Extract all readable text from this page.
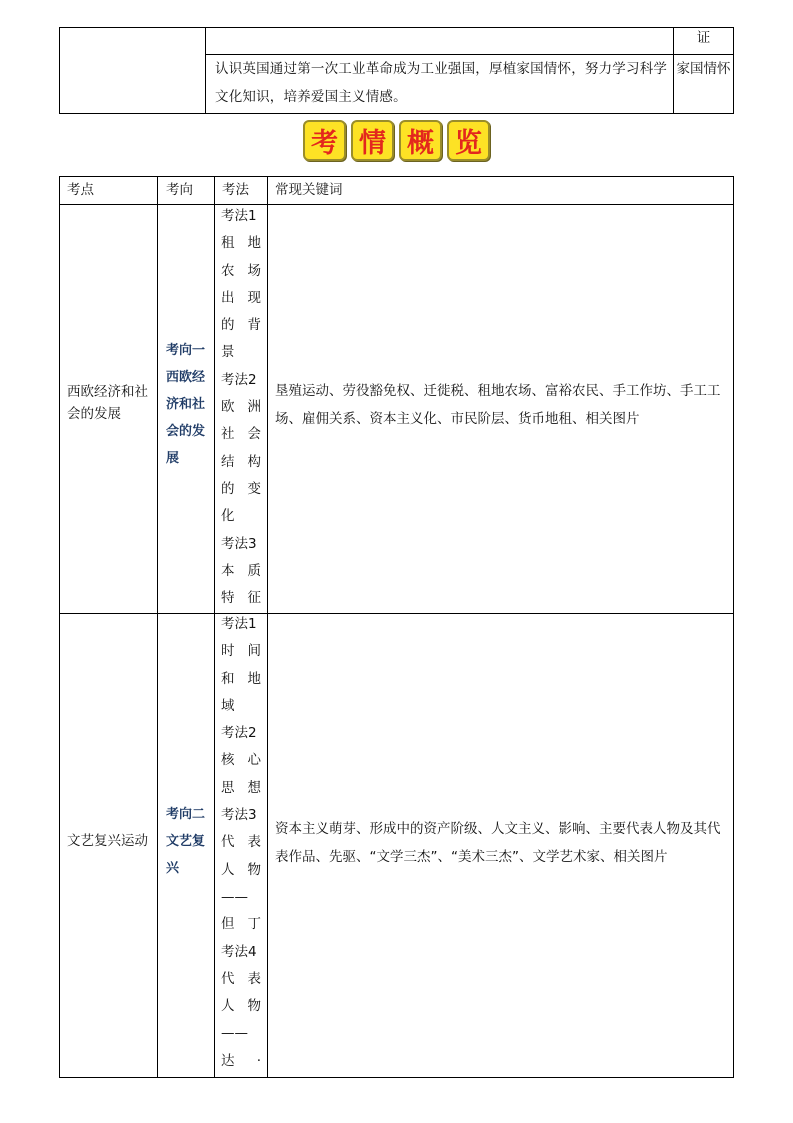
证
认识英国通过第一次工业革命成为工业强国，厚植家国情怀，努力学习科学文化知识，培养爱国主义情感。
家国情怀
考 情 概 览
考点	考向 考法 常现关键词
西欧经济和社会的发展
考向一西欧经济和社会的发展
考法1
租 地
农 场
出 现
的 背
景
考法2
欧 洲
社 会
结 构
的 变
化
考法3
本 质
特 征
垦殖运动、劳役豁免权、迁徙税、租地农场、富裕农民、手工作坊、手工工场、雇佣关系、资本主义化、市民阶层、货币地租、相关图片
文艺复兴运动
考向二文艺复兴
考法1
时 间
和 地
域
考法2
核 心
思 想
考法3
代 表
人 物
——
但 丁
考法4
代 表
人 物
——
达 ·
资本主义萌芽、形成中的资产阶级、人文主义、影响、主要代表人物及其代表作品、先驱、“文学三杰”、“美术三杰”、文学艺术家、相关图片
